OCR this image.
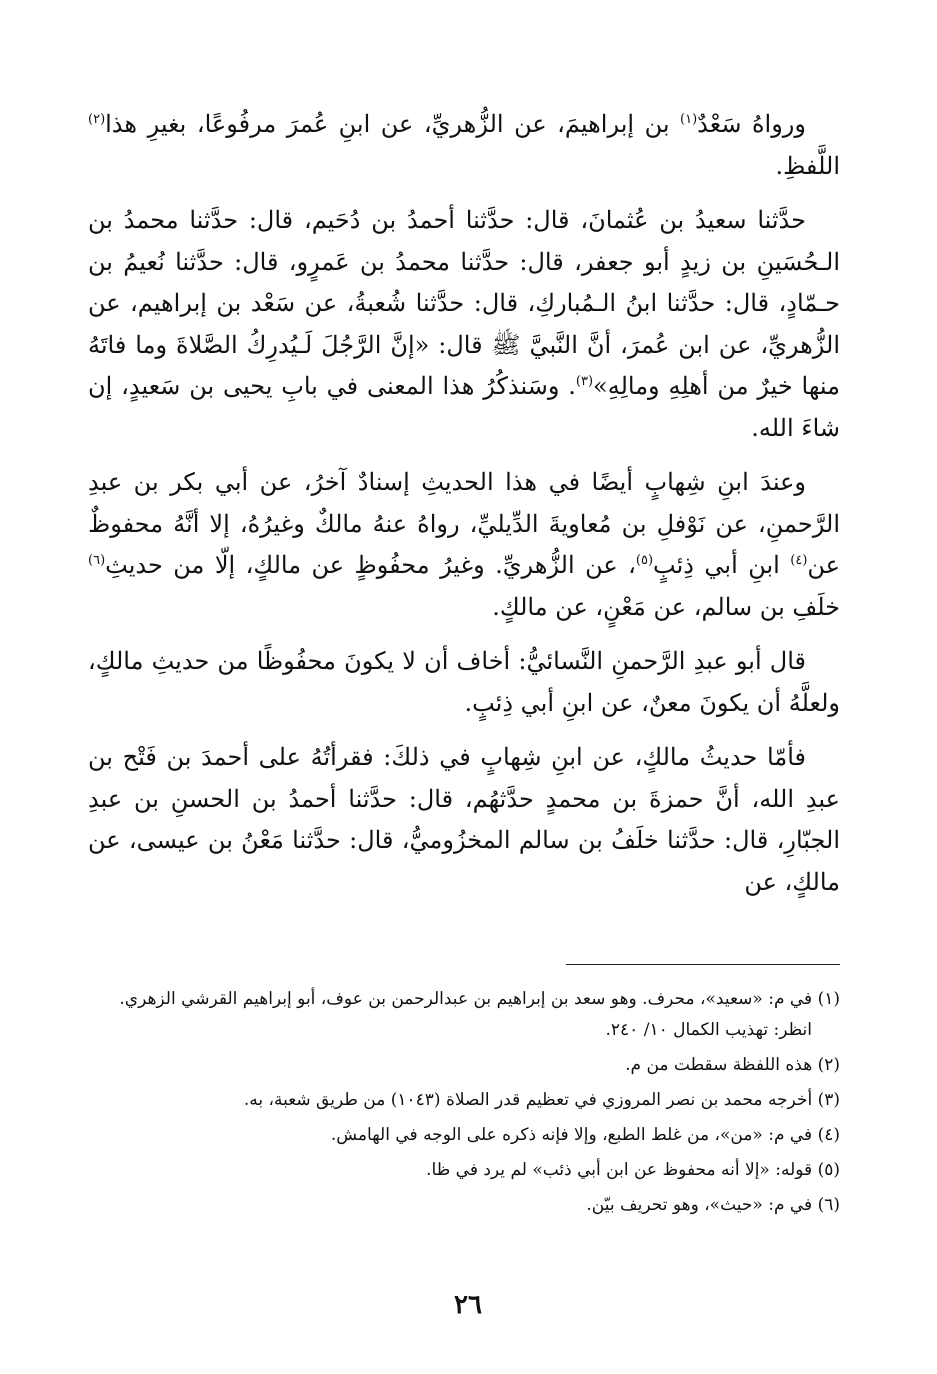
ورواهُ سَعْدٌ$^{(١)}$ بن إبراهيمَ، عن الزُّهريِّ، عن ابنِ عُمرَ مرفُوعًا، بغيرِ هذا$^{(٢)}$ اللَّفظِ.

حدَّثنا سعيدُ بن عُثمانَ، قال: حدَّثنا أحمدُ بن دُحَيم، قال: حدَّثنا محمدُ بن الـحُسَينِ بن زيدٍ أبو جعفر، قال: حدَّثنا محمدُ بن عَمرٍو، قال: حدَّثنا نُعيمُ بن حـمّادٍ، قال: حدَّثنا ابنُ الـمُباركِ، قال: حدَّثنا شُعبةُ، عن سَعْد بن إبراهيم، عن الزُّهريِّ، عن ابن عُمرَ، أنَّ النَّبيَّ ﷺ قال: «إنَّ الرَّجُلَ لَـيُدرِكُ الصَّلاةَ وما فاتَهُ منها خيرٌ من أهلِهِ ومالِهِ»$^{(٣)}$. وسَنذكُرُ هذا المعنى في بابِ يحيى بن سَعيدٍ، إن شاءَ الله.

وعندَ ابنِ شِهابٍ أيضًا في هذا الحديثِ إسنادٌ آخرُ، عن أبي بكر بن عبدِ الرَّحمنِ، عن نَوْفلِ بن مُعاويةَ الدِّيليِّ، رواهُ عنهُ مالكٌ وغيرُهُ، إلا أنَّهُ محفوظٌ عن$^{(٤)}$ ابنِ أبي ذِئبٍ$^{(٥)}$، عن الزُّهريِّ. وغيرُ محفُوظٍ عن مالكٍ، إلّا من حديثِ$^{(٦)}$ خلَفِ بن سالم، عن مَعْنٍ، عن مالكٍ.

قال أبو عبدِ الرَّحمنِ النَّسائيُّ: أخاف أن لا يكونَ محفُوظًا من حديثِ مالكٍ، ولعلَّهُ أن يكونَ معنٌ، عن ابنِ أبي ذِئبٍ.

فأمّا حديثُ مالكٍ، عن ابنِ شِهابٍ في ذلكَ: فقرأتُهُ على أحمدَ بن فَتْح بن عبدِ الله، أنَّ حمزةَ بن محمدٍ حدَّثهُم، قال: حدَّثنا أحمدُ بن الحسنِ بن عبدِ الجبّارِ، قال: حدَّثنا خلَفُ بن سالم المخزُوميُّ، قال: حدَّثنا مَعْنُ بن عيسى، عن مالكٍ، عن

(١) في م: «سعيد»، محرف. وهو سعد بن إبراهيم بن عبدالرحمن بن عوف، أبو إبراهيم القرشي الزهري. انظر: تهذيب الكمال ١٠/ ٢٤٠.
(٢) هذه اللفظة سقطت من م.
(٣) أخرجه محمد بن نصر المروزي في تعظيم قدر الصلاة (١٠٤٣) من طريق شعبة، به.
(٤) في م: «من»، من غلط الطبع، وإلا فإنه ذكره على الوجه في الهامش.
(٥) قوله: «إلا أنه محفوظ عن ابن أبي ذئب» لم يرد في ظا.
(٦) في م: «حيث»، وهو تحريف بيّن.
٢٦
